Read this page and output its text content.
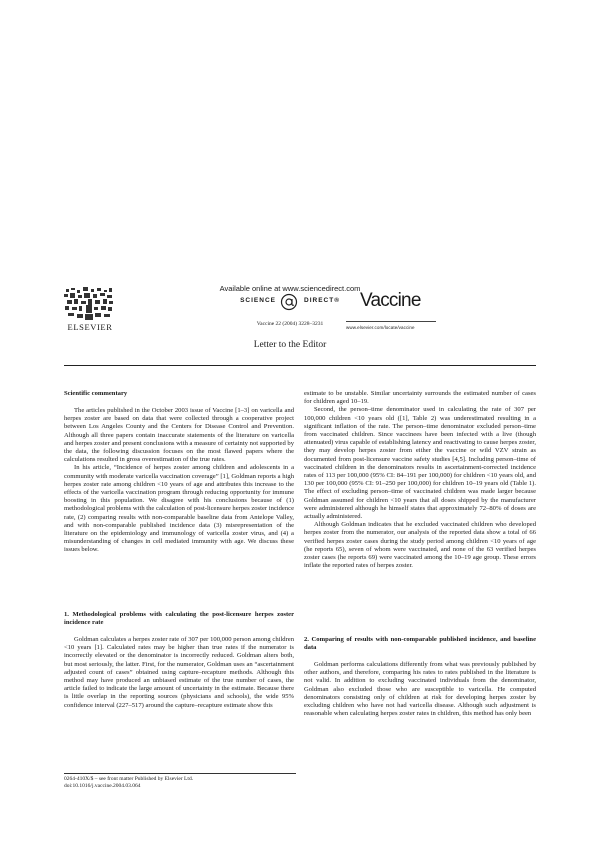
ELSEVIER
Available online at www.sciencedirect.com
SCIENCE	DIRECT®
Vaccine 22 (2004) 3228–3231
Vaccine
www.elsevier.com/locate/vaccine
Letter to the Editor

Scientific commentary

The articles published in the October 2003 issue of Vaccine [1–3] on varicella and herpes zoster are based on data that were collected through a cooperative project between Los Angeles County and the Centers for Disease Control and Prevention. Although all three papers contain inaccurate statements of the literature on varicella and herpes zoster and present conclusions with a measure of certainty not supported by the data, the following discussion focuses on the most flawed papers where the calculations resulted in gross overestimation of the true rates.

In his article, “Incidence of herpes zoster among children and adolescents in a community with moderate varicella vaccination coverage” [1], Goldman reports a high herpes zoster rate among children <10 years of age and attributes this increase to the effects of the varicella vaccination program through reducing opportunity for immune boosting in this population. We disagree with his conclusions because of (1) methodological problems with the calculation of post-licensure herpes zoster incidence rate, (2) comparing results with non-comparable baseline data from Antelope Valley, and with non-comparable published incidence data (3) misrepresentation of the literature on the epidemiology and immunology of varicella zoster virus, and (4) a misunderstanding of changes in cell mediated immunity with age. We discuss these issues below.

1. Methodological problems with calculating the post-licensure herpes zoster incidence rate

Goldman calculates a herpes zoster rate of 307 per 100,000 person among children <10 years [1]. Calculated rates may be higher than true rates if the numerator is incorrectly elevated or the denominator is incorrectly reduced. Goldman alters both, but most seriously, the latter. First, for the numerator, Goldman uses an “ascertainment adjusted count of cases” obtained using capture–recapture methods. Although this method may have produced an unbiased estimate of the true number of cases, the article failed to indicate the large amount of uncertainty in the estimate. Because there is little overlap in the reporting sources (physicians and schools), the wide 95% confidence interval (227–517) around the capture–recapture estimate show this

estimate to be unstable. Similar uncertainty surrounds the estimated number of cases for children aged 10–19.

Second, the person–time denominator used in calculating the rate of 307 per 100,000 children <10 years old ([1], Table 2) was underestimated resulting in a significant inflation of the rate. The person–time denominator excluded person–time from vaccinated children. Since vaccinees have been infected with a live (though attenuated) virus capable of establishing latency and reactivating to cause herpes zoster, they may develop herpes zoster from either the vaccine or wild VZV strain as documented from post-licensure vaccine safety studies [4,5]. Including person–time of vaccinated children in the denominators results in ascertainment-corrected incidence rates of 113 per 100,000 (95% CI: 84–191 per 100,000) for children <10 years old, and 130 per 100,000 (95% CI: 91–250 per 100,000) for children 10–19 years old (Table 1). The effect of excluding person–time of vaccinated children was made larger because Goldman assumed for children <10 years that all doses shipped by the manufacturer were administered although he himself states that approximately 72–80% of doses are actually administered.

Although Goldman indicates that he excluded vaccinated children who developed herpes zoster from the numerator, our analysis of the reported data show a total of 66 verified herpes zoster cases during the study period among children <10 years of age (he reports 65), seven of whom were vaccinated, and none of the 63 verified herpes zoster cases (he reports 69) were vaccinated among the 10–19 age group. These errors inflate the reported rates of herpes zoster.

2. Comparing of results with non-comparable published incidence, and baseline data

Goldman performs calculations differently from what was previously published by other authors, and therefore, comparing his rates to rates published in the literature is not valid. In addition to excluding vaccinated individuals from the denominator, Goldman also excluded those who are susceptible to varicella. He computed denominators consisting only of children at risk for developing herpes zoster by excluding children who have not had varicella disease. Although such adjustment is reasonable when calculating herpes zoster rates in children, this method has only been

0264-410X/$ – see front matter Published by Elsevier Ltd.
doi:10.1016/j.vaccine.2004.03.064
